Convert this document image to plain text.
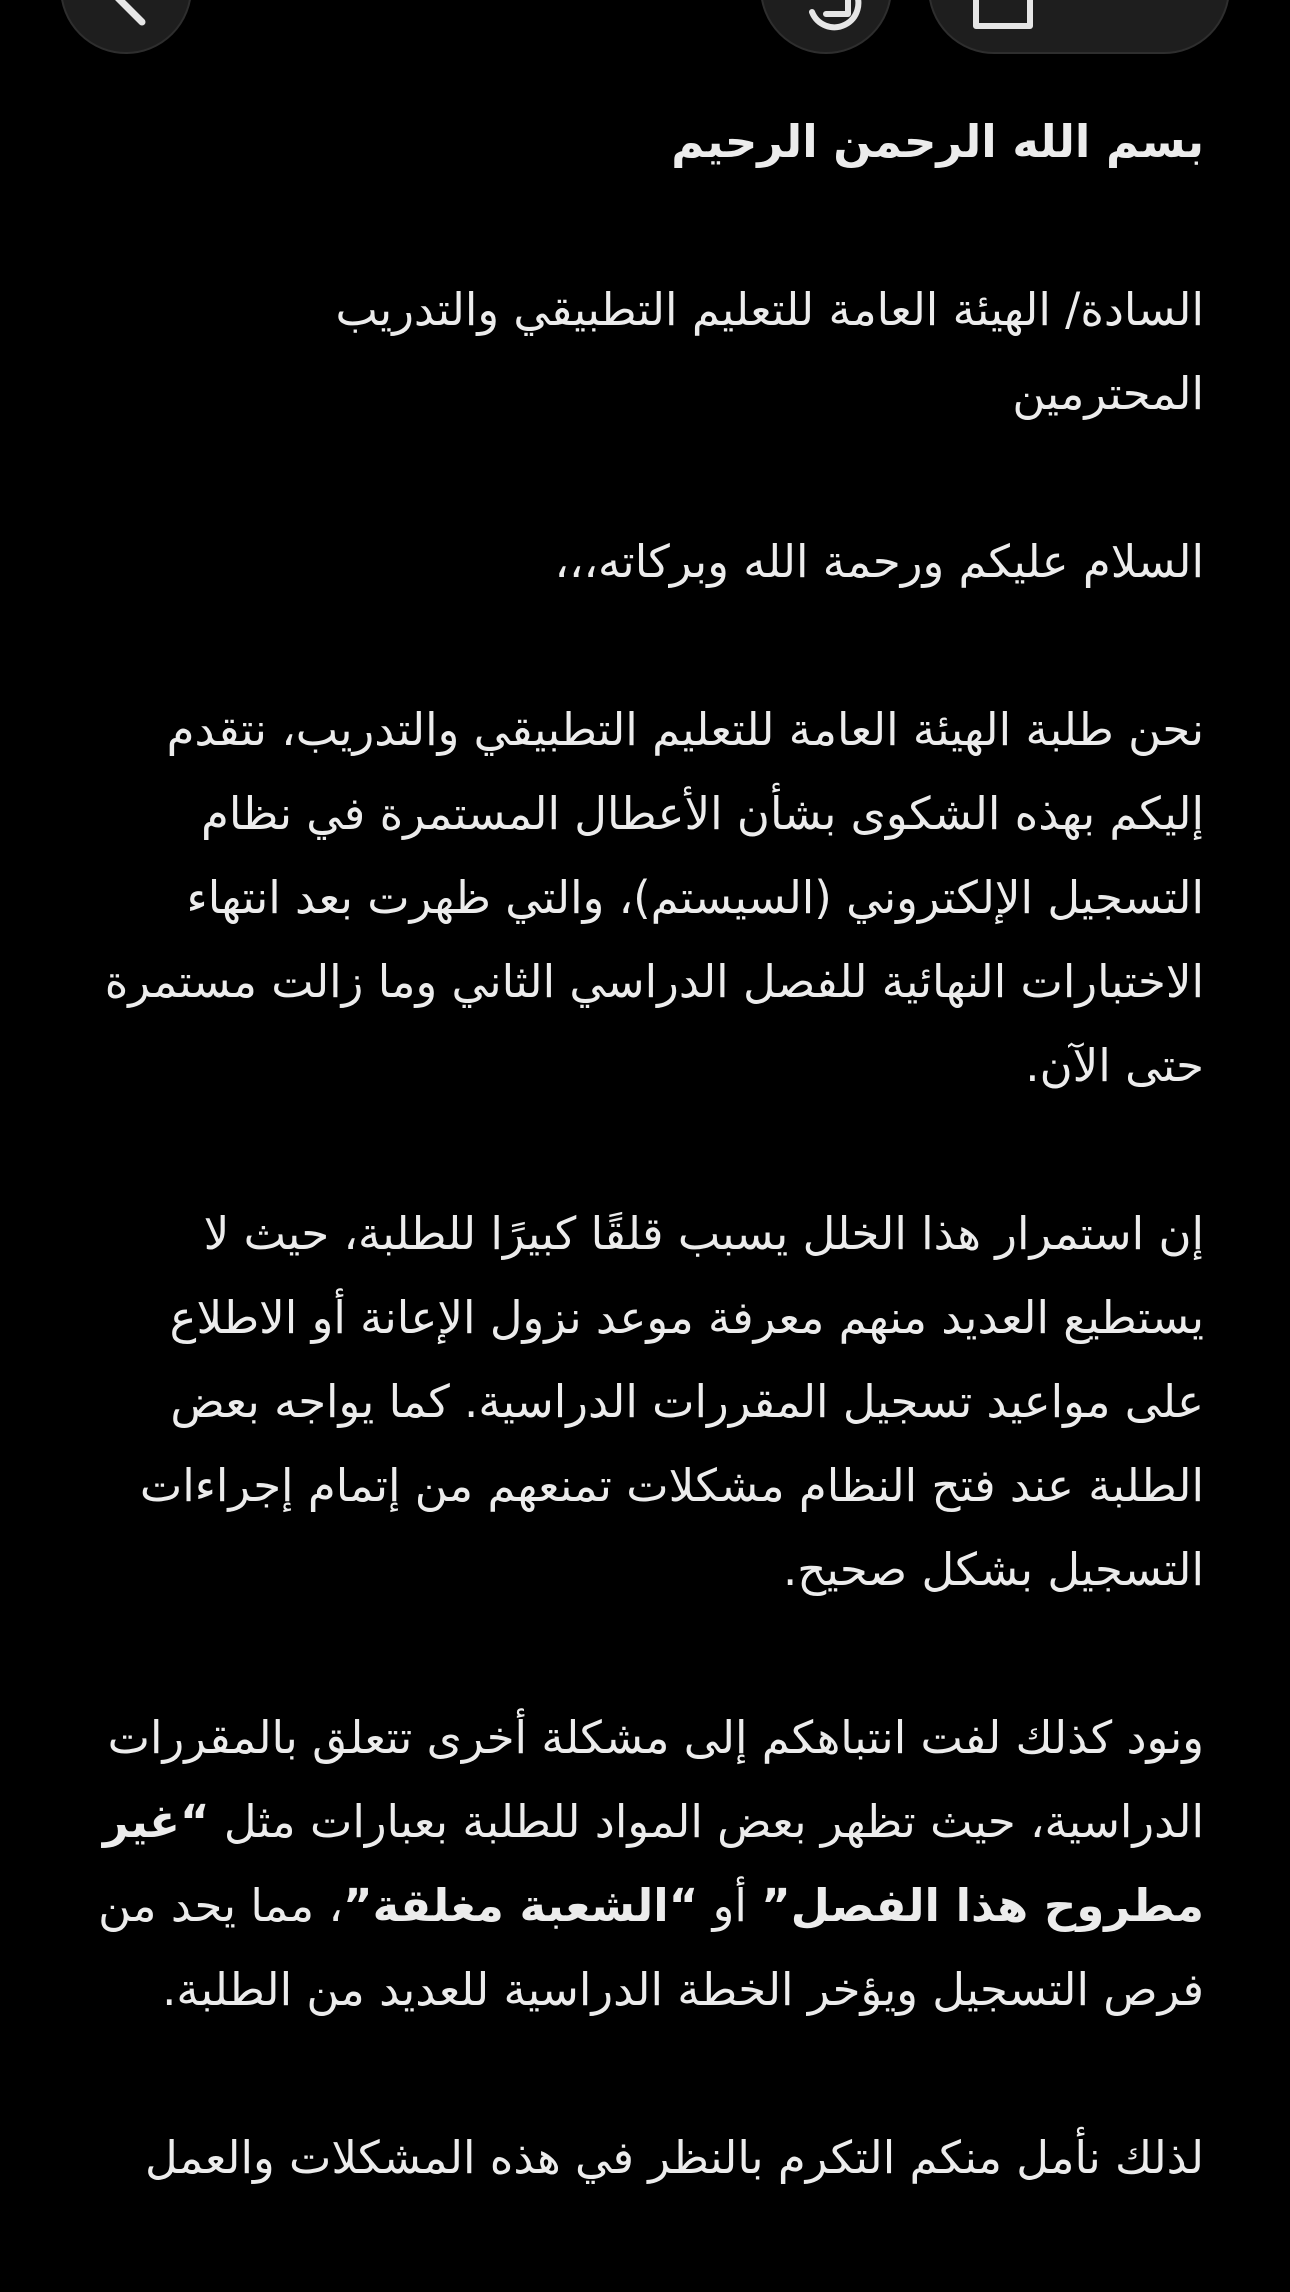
بسم الله الرحمن الرحيم

السادة/ الهيئة العامة للتعليم التطبيقي والتدريب
المحترمين

السلام عليكم ورحمة الله وبركاته،،،

نحن طلبة الهيئة العامة للتعليم التطبيقي والتدريب، نتقدم إليكم بهذه الشكوى بشأن الأعطال المستمرة في نظام التسجيل الإلكتروني (السيستم)، والتي ظهرت بعد انتهاء الاختبارات النهائية للفصل الدراسي الثاني وما زالت مستمرة حتى الآن.

إن استمرار هذا الخلل يسبب قلقًا كبيرًا للطلبة، حيث لا يستطيع العديد منهم معرفة موعد نزول الإعانة أو الاطلاع على مواعيد تسجيل المقررات الدراسية. كما يواجه بعض الطلبة عند فتح النظام مشكلات تمنعهم من إتمام إجراءات التسجيل بشكل صحيح.

ونود كذلك لفت انتباهكم إلى مشكلة أخرى تتعلق بالمقررات الدراسية، حيث تظهر بعض المواد للطلبة بعبارات مثل “غير مطروح هذا الفصل” أو “الشعبة مغلقة”، مما يحد من فرص التسجيل ويؤخر الخطة الدراسية للعديد من الطلبة.

لذلك نأمل منكم التكرم بالنظر في هذه المشكلات والعمل
